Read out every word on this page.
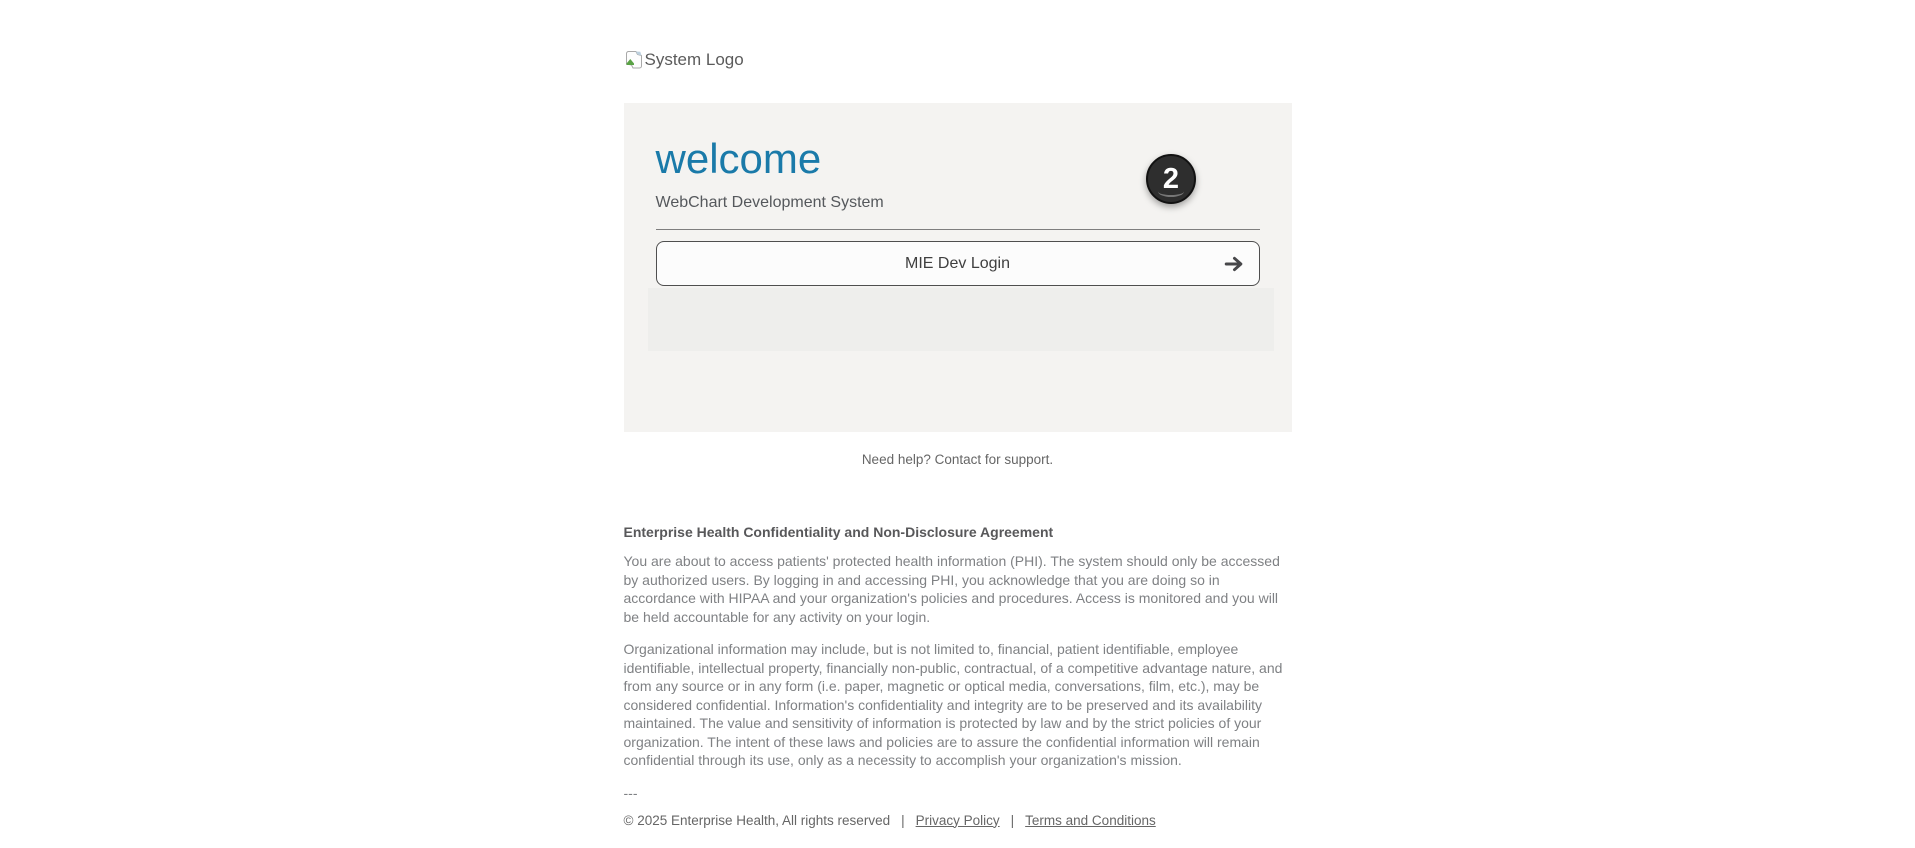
System Logo
welcome
WebChart Development System
MIE Dev Login
Need help? Contact for support.
Enterprise Health Confidentiality and Non-Disclosure Agreement

You are about to access patients' protected health information (PHI). The system should only be accessed by authorized users. By logging in and accessing PHI, you acknowledge that you are doing so in accordance with HIPAA and your organization's policies and procedures. Access is monitored and you will be held accountable for any activity on your login.

Organizational information may include, but is not limited to, financial, patient identifiable, employee identifiable, intellectual property, financially non-public, contractual, of a competitive advantage nature, and from any source or in any form (i.e. paper, magnetic or optical media, conversations, film, etc.), may be considered confidential. Information's confidentiality and integrity are to be preserved and its availability maintained. The value and sensitivity of information is protected by law and by the strict policies of your organization. The intent of these laws and policies are to assure the confidential information will remain confidential through its use, only as a necessity to accomplish your organization's mission.

---
© 2025 Enterprise Health, All rights reserved | Privacy Policy | Terms and Conditions
2
